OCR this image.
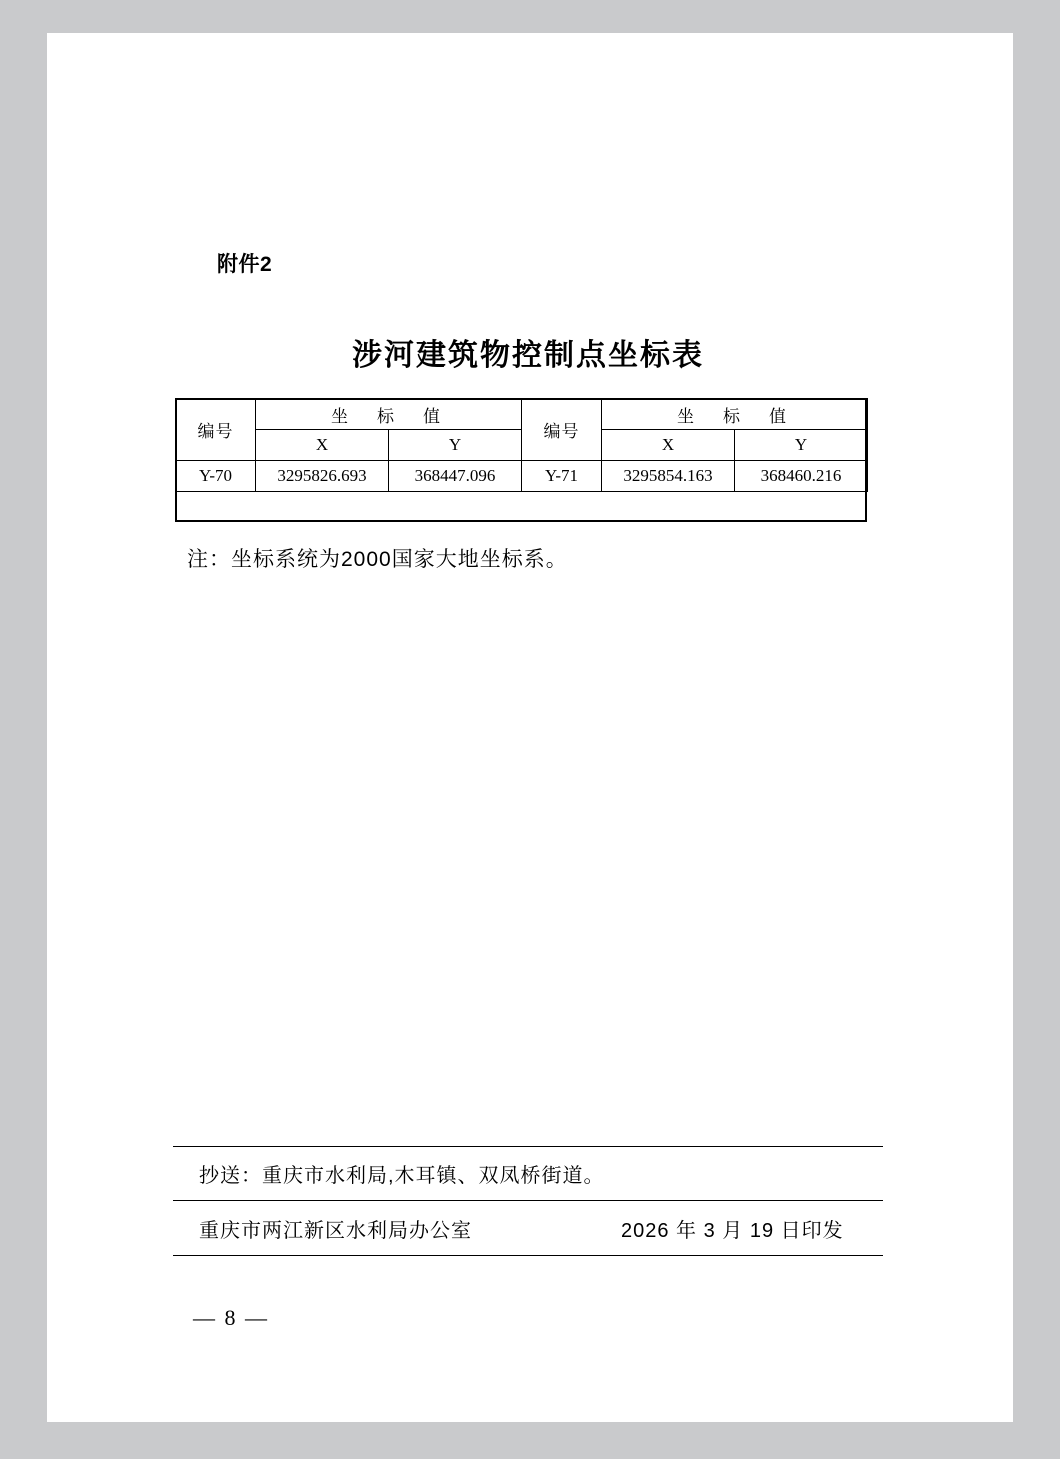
附件2
涉河建筑物控制点坐标表
编号	坐　标　值		编号	坐　标　值	
	X	Y		X	Y
Y-70	3295826.693	368447.096	Y-71	3295854.163	368460.216
注：坐标系统为2000国家大地坐标系。
抄送：重庆市水利局,木耳镇、双凤桥街道。
重庆市两江新区水利局办公室	2026 年 3 月 19 日印发
— 8 —
